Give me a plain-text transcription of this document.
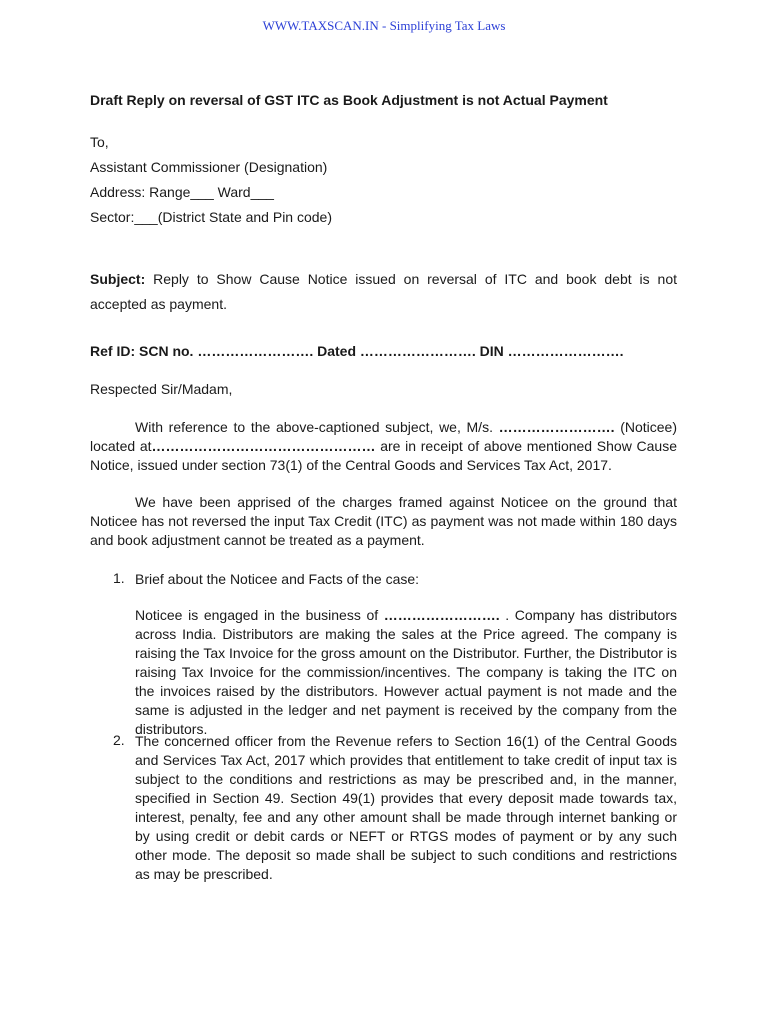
WWW.TAXSCAN.IN - Simplifying Tax Laws
Draft Reply on reversal of GST ITC as Book Adjustment is not Actual Payment
To,
Assistant Commissioner (Designation)
Address: Range___ Ward___
Sector:___(District State and Pin code)
Subject: Reply to Show Cause Notice issued on reversal of ITC and book debt is not accepted as payment.
Ref ID: SCN no. ……………………. Dated ……………………. DIN …………………….
Respected Sir/Madam,
With reference to the above-captioned subject, we, M/s. ……………………. (Noticee) located at………………………………………… are in receipt of above mentioned Show Cause Notice, issued under section 73(1) of the Central Goods and Services Tax Act, 2017.
We have been apprised of the charges framed against Noticee on the ground that Noticee has not reversed the input Tax Credit (ITC) as payment was not made within 180 days and book adjustment cannot be treated as a payment.
1. Brief about the Noticee and Facts of the case:
Noticee is engaged in the business of ……………………. . Company has distributors across India. Distributors are making the sales at the Price agreed. The company is raising the Tax Invoice for the gross amount on the Distributor. Further, the Distributor is raising Tax Invoice for the commission/incentives. The company is taking the ITC on the invoices raised by the distributors. However actual payment is not made and the same is adjusted in the ledger and net payment is received by the company from the distributors.
2. The concerned officer from the Revenue refers to Section 16(1) of the Central Goods and Services Tax Act, 2017 which provides that entitlement to take credit of input tax is subject to the conditions and restrictions as may be prescribed and, in the manner, specified in Section 49. Section 49(1) provides that every deposit made towards tax, interest, penalty, fee and any other amount shall be made through internet banking or by using credit or debit cards or NEFT or RTGS modes of payment or by any such other mode. The deposit so made shall be subject to such conditions and restrictions as may be prescribed.
